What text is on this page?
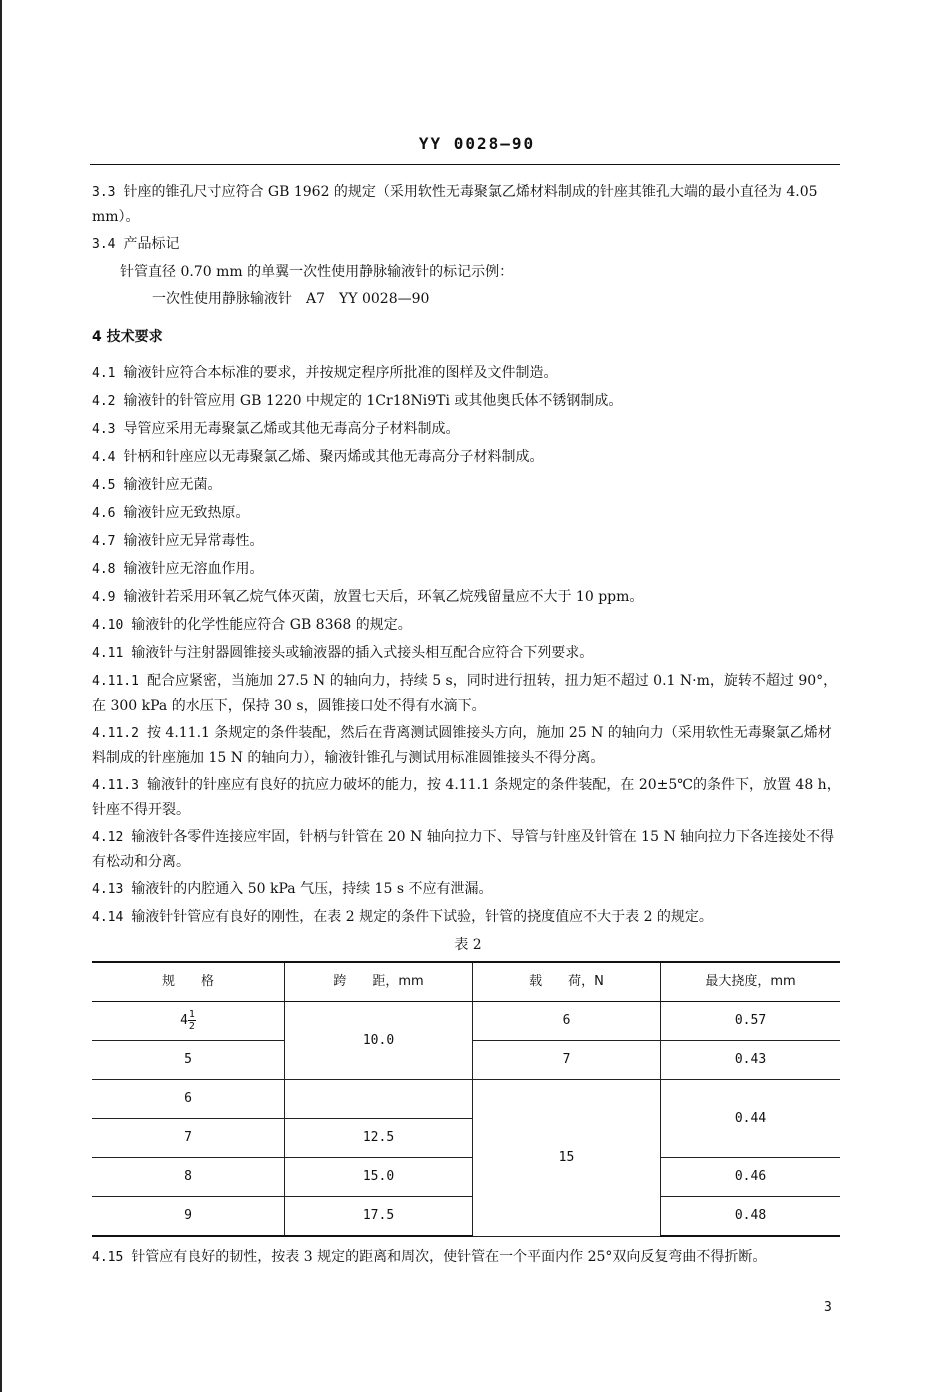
YY 0028—90

3.3 针座的锥孔尺寸应符合 GB 1962 的规定（采用软性无毒聚氯乙烯材料制成的针座其锥孔大端的最小直径为 4.05 mm）。

3.4 产品标记

针管直径 0.70 mm 的单翼一次性使用静脉输液针的标记示例：

一次性使用静脉输液针 A7 YY 0028—90

4 技术要求

4.1 输液针应符合本标准的要求，并按规定程序所批准的图样及文件制造。

4.2 输液针的针管应用 GB 1220 中规定的 1Cr18Ni9Ti 或其他奥氏体不锈钢制成。

4.3 导管应采用无毒聚氯乙烯或其他无毒高分子材料制成。

4.4 针柄和针座应以无毒聚氯乙烯、聚丙烯或其他无毒高分子材料制成。

4.5 输液针应无菌。

4.6 输液针应无致热原。

4.7 输液针应无异常毒性。

4.8 输液针应无溶血作用。

4.9 输液针若采用环氧乙烷气体灭菌，放置七天后，环氧乙烷残留量应不大于 10 ppm。

4.10 输液针的化学性能应符合 GB 8368 的规定。

4.11 输液针与注射器圆锥接头或输液器的插入式接头相互配合应符合下列要求。

4.11.1 配合应紧密，当施加 27.5 N 的轴向力，持续 5 s，同时进行扭转，扭力矩不超过 0.1 N·m，旋转不超过 90°，在 300 kPa 的水压下，保持 30 s，圆锥接口处不得有水滴下。

4.11.2 按 4.11.1 条规定的条件装配，然后在背离测试圆锥接头方向，施加 25 N 的轴向力（采用软性无毒聚氯乙烯材料制成的针座施加 15 N 的轴向力），输液针锥孔与测试用标准圆锥接头不得分离。

4.11.3 输液针的针座应有良好的抗应力破坏的能力，按 4.11.1 条规定的条件装配，在 20±5℃的条件下，放置 48 h，针座不得开裂。

4.12 输液针各零件连接应牢固，针柄与针管在 20 N 轴向拉力下、导管与针座及针管在 15 N 轴向拉力下各连接处不得有松动和分离。

4.13 输液针的内腔通入 50 kPa 气压，持续 15 s 不应有泄漏。

4.14 输液针针管应有良好的刚性，在表 2 规定的条件下试验，针管的挠度值应不大于表 2 的规定。

表 2

规　　格	跨　　距，mm	载　　荷，N	最大挠度，mm
$4 \frac{1}{2}$	10.0	6	0.57
5		7	0.43
6		15	0.44
7	12.5		
8	15.0		0.46
9	17.5		0.48

4.15 针管应有良好的韧性，按表 3 规定的距离和周次，使针管在一个平面内作 25°双向反复弯曲不得折断。

3
